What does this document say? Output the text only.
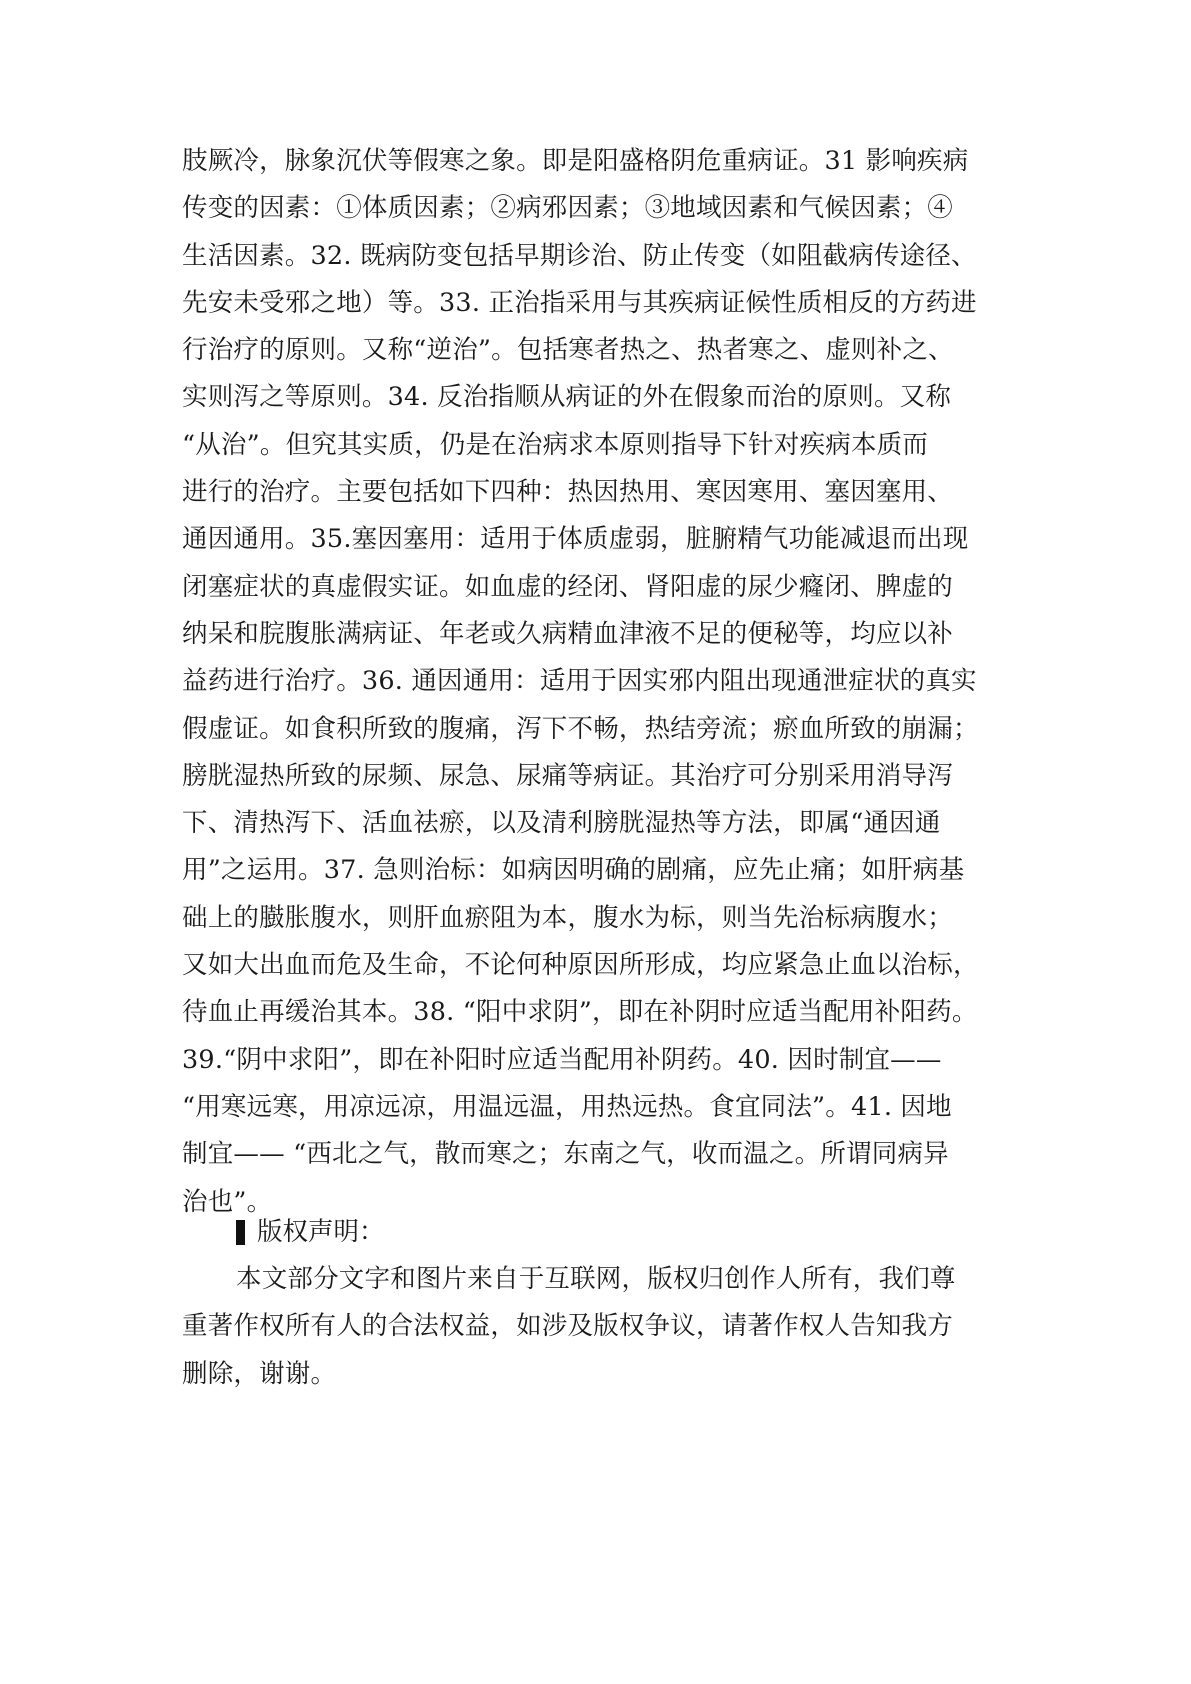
肢厥冷，脉象沉伏等假寒之象。即是阳盛格阴危重病证。31 影响疾病
传变的因素：①体质因素；②病邪因素；③地域因素和气候因素；④
生活因素。32. 既病防变包括早期诊治、防止传变（如阻截病传途径、
先安未受邪之地）等。33. 正治指采用与其疾病证候性质相反的方药进
行治疗的原则。又称“逆治”。包括寒者热之、热者寒之、虚则补之、
实则泻之等原则。34. 反治指顺从病证的外在假象而治的原则。又称
“从治”。但究其实质，仍是在治病求本原则指导下针对疾病本质而
进行的治疗。主要包括如下四种：热因热用、寒因寒用、塞因塞用、
通因通用。35.塞因塞用：适用于体质虚弱，脏腑精气功能减退而出现
闭塞症状的真虚假实证。如血虚的经闭、肾阳虚的尿少癃闭、脾虚的
纳呆和脘腹胀满病证、年老或久病精血津液不足的便秘等，均应以补
益药进行治疗。36. 通因通用：适用于因实邪内阻出现通泄症状的真实
假虚证。如食积所致的腹痛，泻下不畅，热结旁流；瘀血所致的崩漏；
膀胱湿热所致的尿频、尿急、尿痛等病证。其治疗可分别采用消导泻
下、清热泻下、活血祛瘀，以及清利膀胱湿热等方法，即属“通因通
用”之运用。37. 急则治标：如病因明确的剧痛，应先止痛；如肝病基
础上的臌胀腹水，则肝血瘀阻为本，腹水为标，则当先治标病腹水；
又如大出血而危及生命，不论何种原因所形成，均应紧急止血以治标，
待血止再缓治其本。38. “阳中求阴”，即在补阴时应适当配用补阳药。
39.“阴中求阳”，即在补阳时应适当配用补阴药。40. 因时制宜——
“用寒远寒，用凉远凉，用温远温，用热远热。食宜同法”。41. 因地
制宜—— “西北之气，散而寒之；东南之气，收而温之。所谓同病异
治也”。
版权声明：
本文部分文字和图片来自于互联网，版权归创作人所有，我们尊
重著作权所有人的合法权益，如涉及版权争议，请著作权人告知我方
删除，谢谢。
